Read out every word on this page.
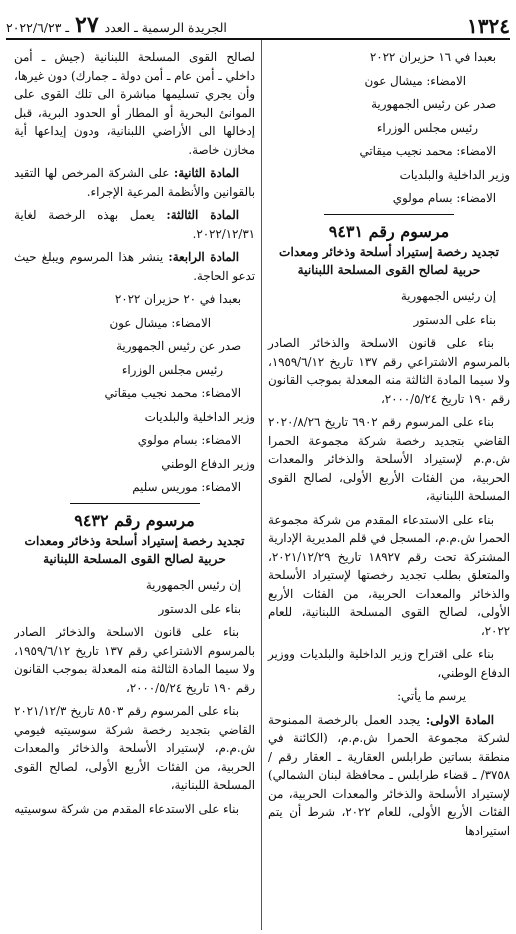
١٣٢٤
الجريدة الرسمية ـ العدد ٢٧ ـ ٢٠٢٢/٦/٢٣

بعبدا في ١٦ حزيران ٢٠٢٢

الامضاء: ميشال عون

صدر عن رئيس الجمهورية

رئيس مجلس الوزراء

الامضاء: محمد نجيب ميقاتي

وزير الداخلية والبلديات

الامضاء: بسام مولوي

مرسوم رقم ٩٤٣١
تجديد رخصة إستيراد أسلحة وذخائر ومعدات حربية لصالح القوى المسلحة اللبنانية

إن رئيس الجمهورية

بناء على الدستور

بناء على قانون الاسلحة والذخائر الصادر بالمرسوم الاشتراعي رقم ١٣٧ تاريخ ١٩٥٩/٦/١٢، ولا سيما المادة الثالثة منه المعدلة بموجب القانون رقم ١٩٠ تاريخ ٢٠٠٠/٥/٢٤،

بناء على المرسوم رقم ٦٩٠٢ تاريخ ٢٠٢٠/٨/٢٦ القاضي بتجديد رخصة شركة مجموعة الحمرا ش.م.م لإستيراد الأسلحة والذخائر والمعدات الحربية، من الفئات الأربع الأولى، لصالح القوى المسلحة اللبنانية،

بناء على الاستدعاء المقدم من شركة مجموعة الحمرا ش.م.م، المسجل في قلم المديرية الإدارية المشتركة تحت رقم ١٨٩٢٧ تاريخ ٢٠٢١/١٢/٢٩، والمتعلق بطلب تجديد رخصتها لإستيراد الأسلحة والذخائر والمعدات الحربية، من الفئات الأربع الأولى، لصالح القوى المسلحة اللبنانية، للعام ٢٠٢٢،

بناء على اقتراح وزير الداخلية والبلديات ووزير الدفاع الوطني،

يرسم ما يأتي:

المادة الاولى: يجدد العمل بالرخصة الممنوحة لشركة مجموعة الحمرا ش.م.م، (الكائنة في منطقة بساتين طرابلس العقارية ـ العقار رقم /٣٧٥٨/ ـ قضاء طرابلس ـ محافظة لبنان الشمالي) لإستيراد الأسلحة والذخائر والمعدات الحربية، من الفئات الأربع الأولى، للعام ٢٠٢٢، شرط أن يتم استيرادها

لصالح القوى المسلحة اللبنانية (جيش ـ أمن داخلي ـ أمن عام ـ أمن دولة ـ جمارك) دون غيرها، وأن يجري تسليمها مباشرة الى تلك القوى على الموانئ البحرية أو المطار أو الحدود البرية، قبل إدخالها الى الأراضي اللبنانية، ودون إيداعها أية مخازن خاصة.

المادة الثانية: على الشركة المرخص لها التقيد بالقوانين والأنظمة المرعية الإجراء.

المادة الثالثة: يعمل بهذه الرخصة لغاية ٢٠٢٢/١٢/٣١.

المادة الرابعة: ينشر هذا المرسوم ويبلغ حيث تدعو الحاجة.

بعبدا في ٢٠ حزيران ٢٠٢٢

الامضاء: ميشال عون

صدر عن رئيس الجمهورية

رئيس مجلس الوزراء

الامضاء: محمد نجيب ميقاتي

وزير الداخلية والبلديات

الامضاء: بسام مولوي

وزير الدفاع الوطني

الامضاء: موريس سليم

مرسوم رقم ٩٤٣٢
تجديد رخصة إستيراد أسلحة وذخائر ومعدات حربية لصالح القوى المسلحة اللبنانية

إن رئيس الجمهورية

بناء على الدستور

بناء على قانون الاسلحة والذخائر الصادر بالمرسوم الاشتراعي رقم ١٣٧ تاريخ ١٩٥٩/٦/١٢، ولا سيما المادة الثالثة منه المعدلة بموجب القانون رقم ١٩٠ تاريخ ٢٠٠٠/٥/٢٤،

بناء على المرسوم رقم ٨٥٠٣ تاريخ ٢٠٢١/١٢/٣ القاضي بتجديد رخصة شركة سوسيتيه فيومي ش.م.م، لإستيراد الأسلحة والذخائر والمعدات الحربية، من الفئات الأربع الأولى، لصالح القوى المسلحة اللبنانية،

بناء على الاستدعاء المقدم من شركة سوسيتيه
